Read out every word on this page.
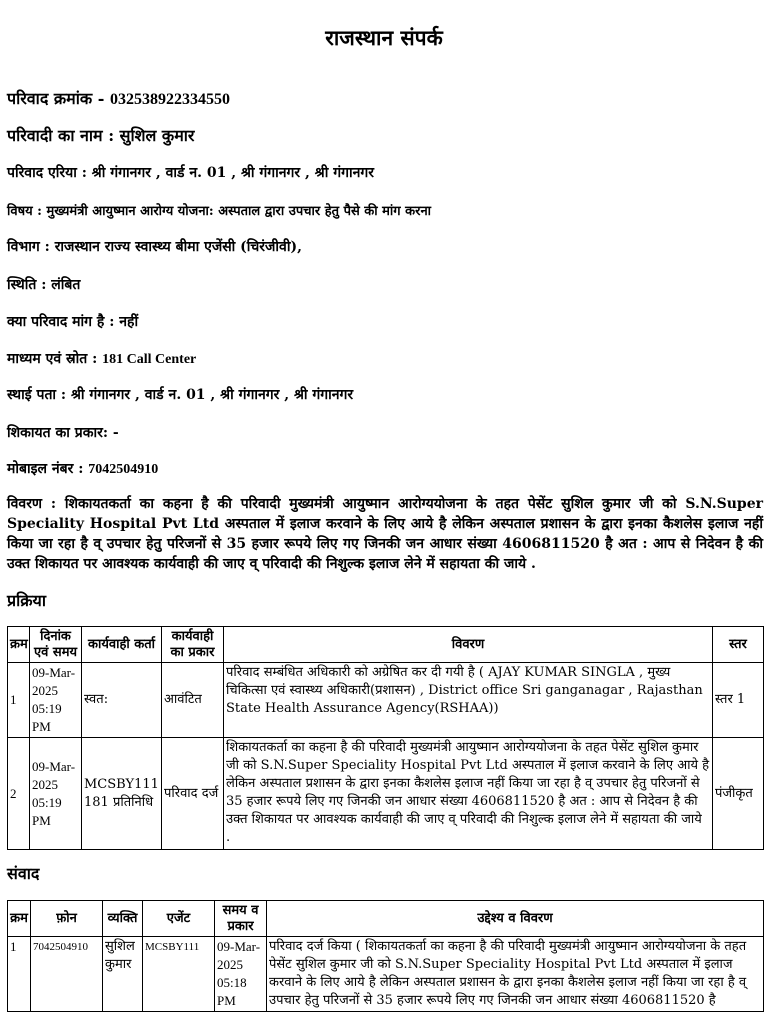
राजस्थान संपर्क
परिवाद क्रमांक - 032538922334550
परिवादी का नाम : सुशिल कुमार
परिवाद एरिया : श्री गंगानगर , वार्ड न. 01 , श्री गंगानगर , श्री गंगानगर
विषय : मुख्यमंत्री आयुष्मान आरोग्य योजना: अस्पताल द्वारा उपचार हेतु पैसे की मांग करना
विभाग : राजस्थान राज्य स्वास्थ्य बीमा एजेंसी (चिरंजीवी),
स्थिति : लंबित
क्या परिवाद मांग है : नहीं
माध्यम एवं स्रोत : 181 Call Center
स्थाई पता : श्री गंगानगर , वार्ड न. 01 , श्री गंगानगर , श्री गंगानगर
शिकायत का प्रकार: -
मोबाइल नंबर : 7042504910
विवरण : शिकायतकर्ता का कहना है की परिवादी मुख्यमंत्री आयुष्मान आरोग्ययोजना के तहत पेसेंट सुशिल कुमार जी को S.N.Super Speciality Hospital Pvt Ltd अस्पताल में इलाज करवाने के लिए आये है लेकिन अस्पताल प्रशासन के द्वारा इनका कैशलेस इलाज नहीं किया जा रहा है व् उपचार हेतु परिजनों से 35 हजार रूपये लिए गए जिनकी जन आधार संख्या 4606811520 है अत : आप से निदेवन है की उक्त शिकायत पर आवश्यक कार्यवाही की जाए व् परिवादी की निशुल्क इलाज लेने में सहायता की जाये .
प्रक्रिया
क्रम	दिनांक एवं समय	कार्यवाही कर्ता	कार्यवाही का प्रकार	विवरण	स्तर
1	09-Mar-2025 05:19 PM	स्वत:	आवंटित	परिवाद सम्बंधित अधिकारी को अग्रेषित कर दी गयी है ( AJAY KUMAR SINGLA , मुख्य चिकित्सा एवं स्वास्थ्य अधिकारी(प्रशासन) , District office Sri ganganagar , Rajasthan State Health Assurance Agency(RSHAA))	स्तर 1
2	09-Mar-2025 05:19 PM	MCSBY111 181 प्रतिनिधि	परिवाद दर्ज	शिकायतकर्ता का कहना है की परिवादी मुख्यमंत्री आयुष्मान आरोग्ययोजना के तहत पेसेंट सुशिल कुमार जी को S.N.Super Speciality Hospital Pvt Ltd अस्पताल में इलाज करवाने के लिए आये है लेकिन अस्पताल प्रशासन के द्वारा इनका कैशलेस इलाज नहीं किया जा रहा है व् उपचार हेतु परिजनों से 35 हजार रूपये लिए गए जिनकी जन आधार संख्या 4606811520 है अत : आप से निदेवन है की उक्त शिकायत पर आवश्यक कार्यवाही की जाए व् परिवादी की निशुल्क इलाज लेने में सहायता की जाये .	पंजीकृत
संवाद
क्रम	फ़ोन	व्यक्ति	एजेंट	समय व प्रकार	उद्देश्य व विवरण
1	7042504910	सुशिल कुमार	MCSBY111	09-Mar-2025 05:18 PM	परिवाद दर्ज किया ( शिकायतकर्ता का कहना है की परिवादी मुख्यमंत्री आयुष्मान आरोग्ययोजना के तहत पेसेंट सुशिल कुमार जी को S.N.Super Speciality Hospital Pvt Ltd अस्पताल में इलाज करवाने के लिए आये है लेकिन अस्पताल प्रशासन के द्वारा इनका कैशलेस इलाज नहीं किया जा रहा है व् उपचार हेतु परिजनों से 35 हजार रूपये लिए गए जिनकी जन आधार संख्या 4606811520 है
